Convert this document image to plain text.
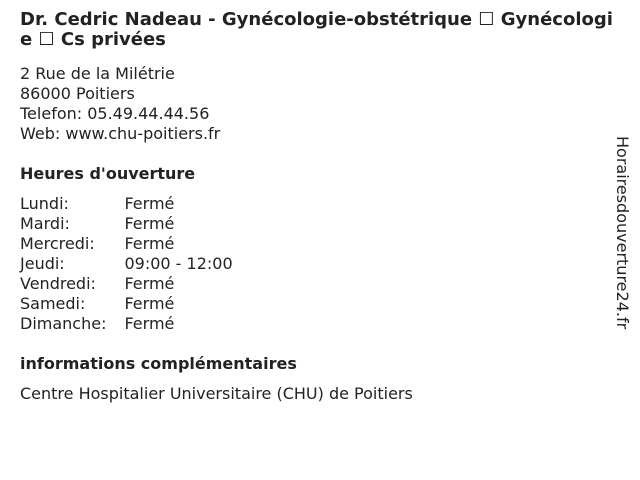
Dr. Cedric Nadeau - Gynécologie-obstétrique ☐ Gynécologie ☐ Cs privées
2 Rue de la Milétrie
86000 Poitiers
Telefon: 05.49.44.44.56
Web: www.chu-poitiers.fr
Heures d'ouverture
Lundi:	Fermé
Mardi:	Fermé
Mercredi:	Fermé
Jeudi:	09:00 - 12:00
Vendredi:	Fermé
Samedi:	Fermé
Dimanche:	Fermé
informations complémentaires
Centre Hospitalier Universitaire (CHU) de Poitiers
Horairesdouverture24.fr
